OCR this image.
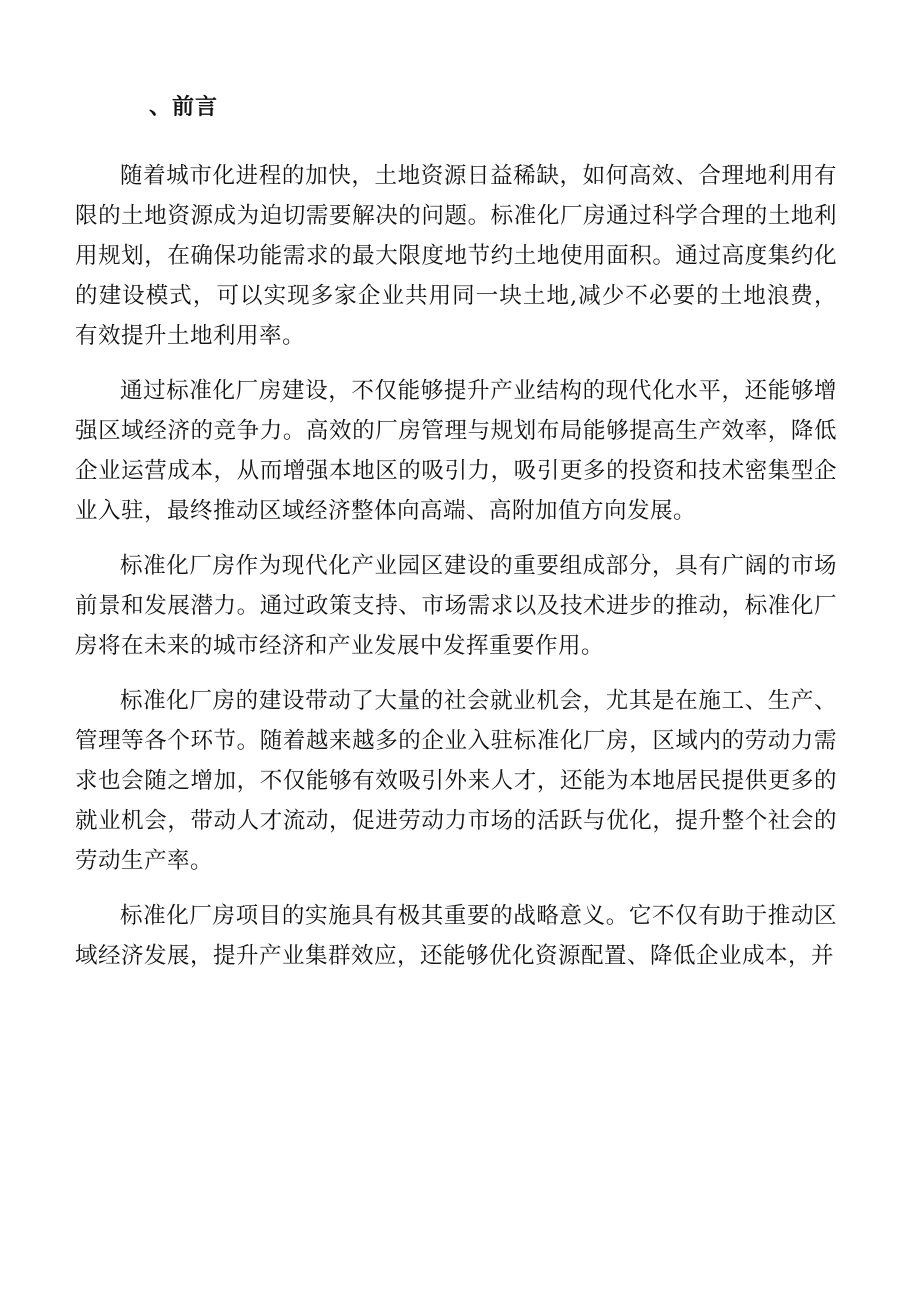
、前言

随着城市化进程的加快，土地资源日益稀缺，如何高效、合理地利用有限的土地资源成为迫切需要解决的问题。标准化厂房通过科学合理的土地利用规划，在确保功能需求的最大限度地节约土地使用面积。通过高度集约化的建设模式，可以实现多家企业共用同一块土地,减少不必要的土地浪费，有效提升土地利用率。

通过标准化厂房建设，不仅能够提升产业结构的现代化水平，还能够增强区域经济的竞争力。高效的厂房管理与规划布局能够提高生产效率，降低企业运营成本，从而增强本地区的吸引力，吸引更多的投资和技术密集型企业入驻，最终推动区域经济整体向高端、高附加值方向发展。

标准化厂房作为现代化产业园区建设的重要组成部分，具有广阔的市场前景和发展潜力。通过政策支持、市场需求以及技术进步的推动，标准化厂房将在未来的城市经济和产业发展中发挥重要作用。

标准化厂房的建设带动了大量的社会就业机会，尤其是在施工、生产、管理等各个环节。随着越来越多的企业入驻标准化厂房，区域内的劳动力需求也会随之增加，不仅能够有效吸引外来人才，还能为本地居民提供更多的就业机会，带动人才流动，促进劳动力市场的活跃与优化，提升整个社会的劳动生产率。

标准化厂房项目的实施具有极其重要的战略意义。它不仅有助于推动区域经济发展，提升产业集群效应，还能够优化资源配置、降低企业成本，并
